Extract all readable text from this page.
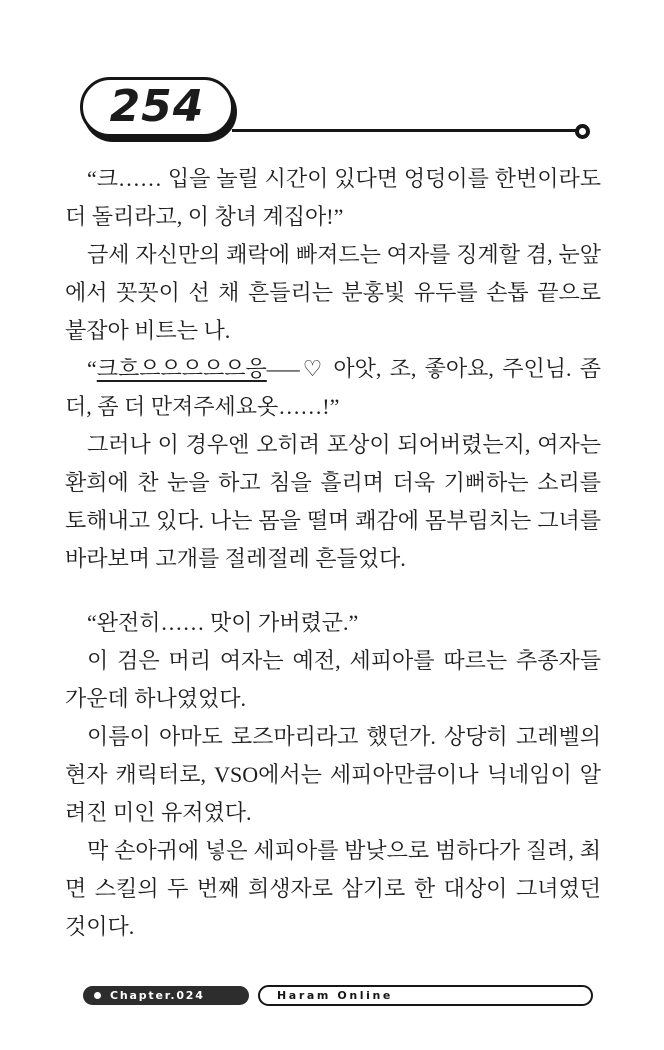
254

“크…… 입을 놀릴 시간이 있다면 엉덩이를 한번이라도 더 돌리라고, 이 창녀 계집아!”

금세 자신만의 쾌락에 빠져드는 여자를 징계할 겸, 눈앞에서 꼿꼿이 선 채 흔들리는 분홍빛 유두를 손톱 끝으로 붙잡아 비트는 나.

“크흐으으으으으응–––♡ 아앗, 조, 좋아요, 주인님. 좀 더, 좀 더 만져주세요옷……!”

그러나 이 경우엔 오히려 포상이 되어버렸는지, 여자는 환희에 찬 눈을 하고 침을 흘리며 더욱 기뻐하는 소리를 토해내고 있다. 나는 몸을 떨며 쾌감에 몸부림치는 그녀를 바라보며 고개를 절레절레 흔들었다.

“완전히…… 맛이 가버렸군.”

이 검은 머리 여자는 예전, 세피아를 따르는 추종자들 가운데 하나였었다.

이름이 아마도 로즈마리라고 했던가. 상당히 고레벨의 현자 캐릭터로, VSO에서는 세피아만큼이나 닉네임이 알려진 미인 유저였다.

막 손아귀에 넣은 세피아를 밤낮으로 범하다가 질려, 최면 스킬의 두 번째 희생자로 삼기로 한 대상이 그녀였던 것이다.

Chapter.024	Haram Online
